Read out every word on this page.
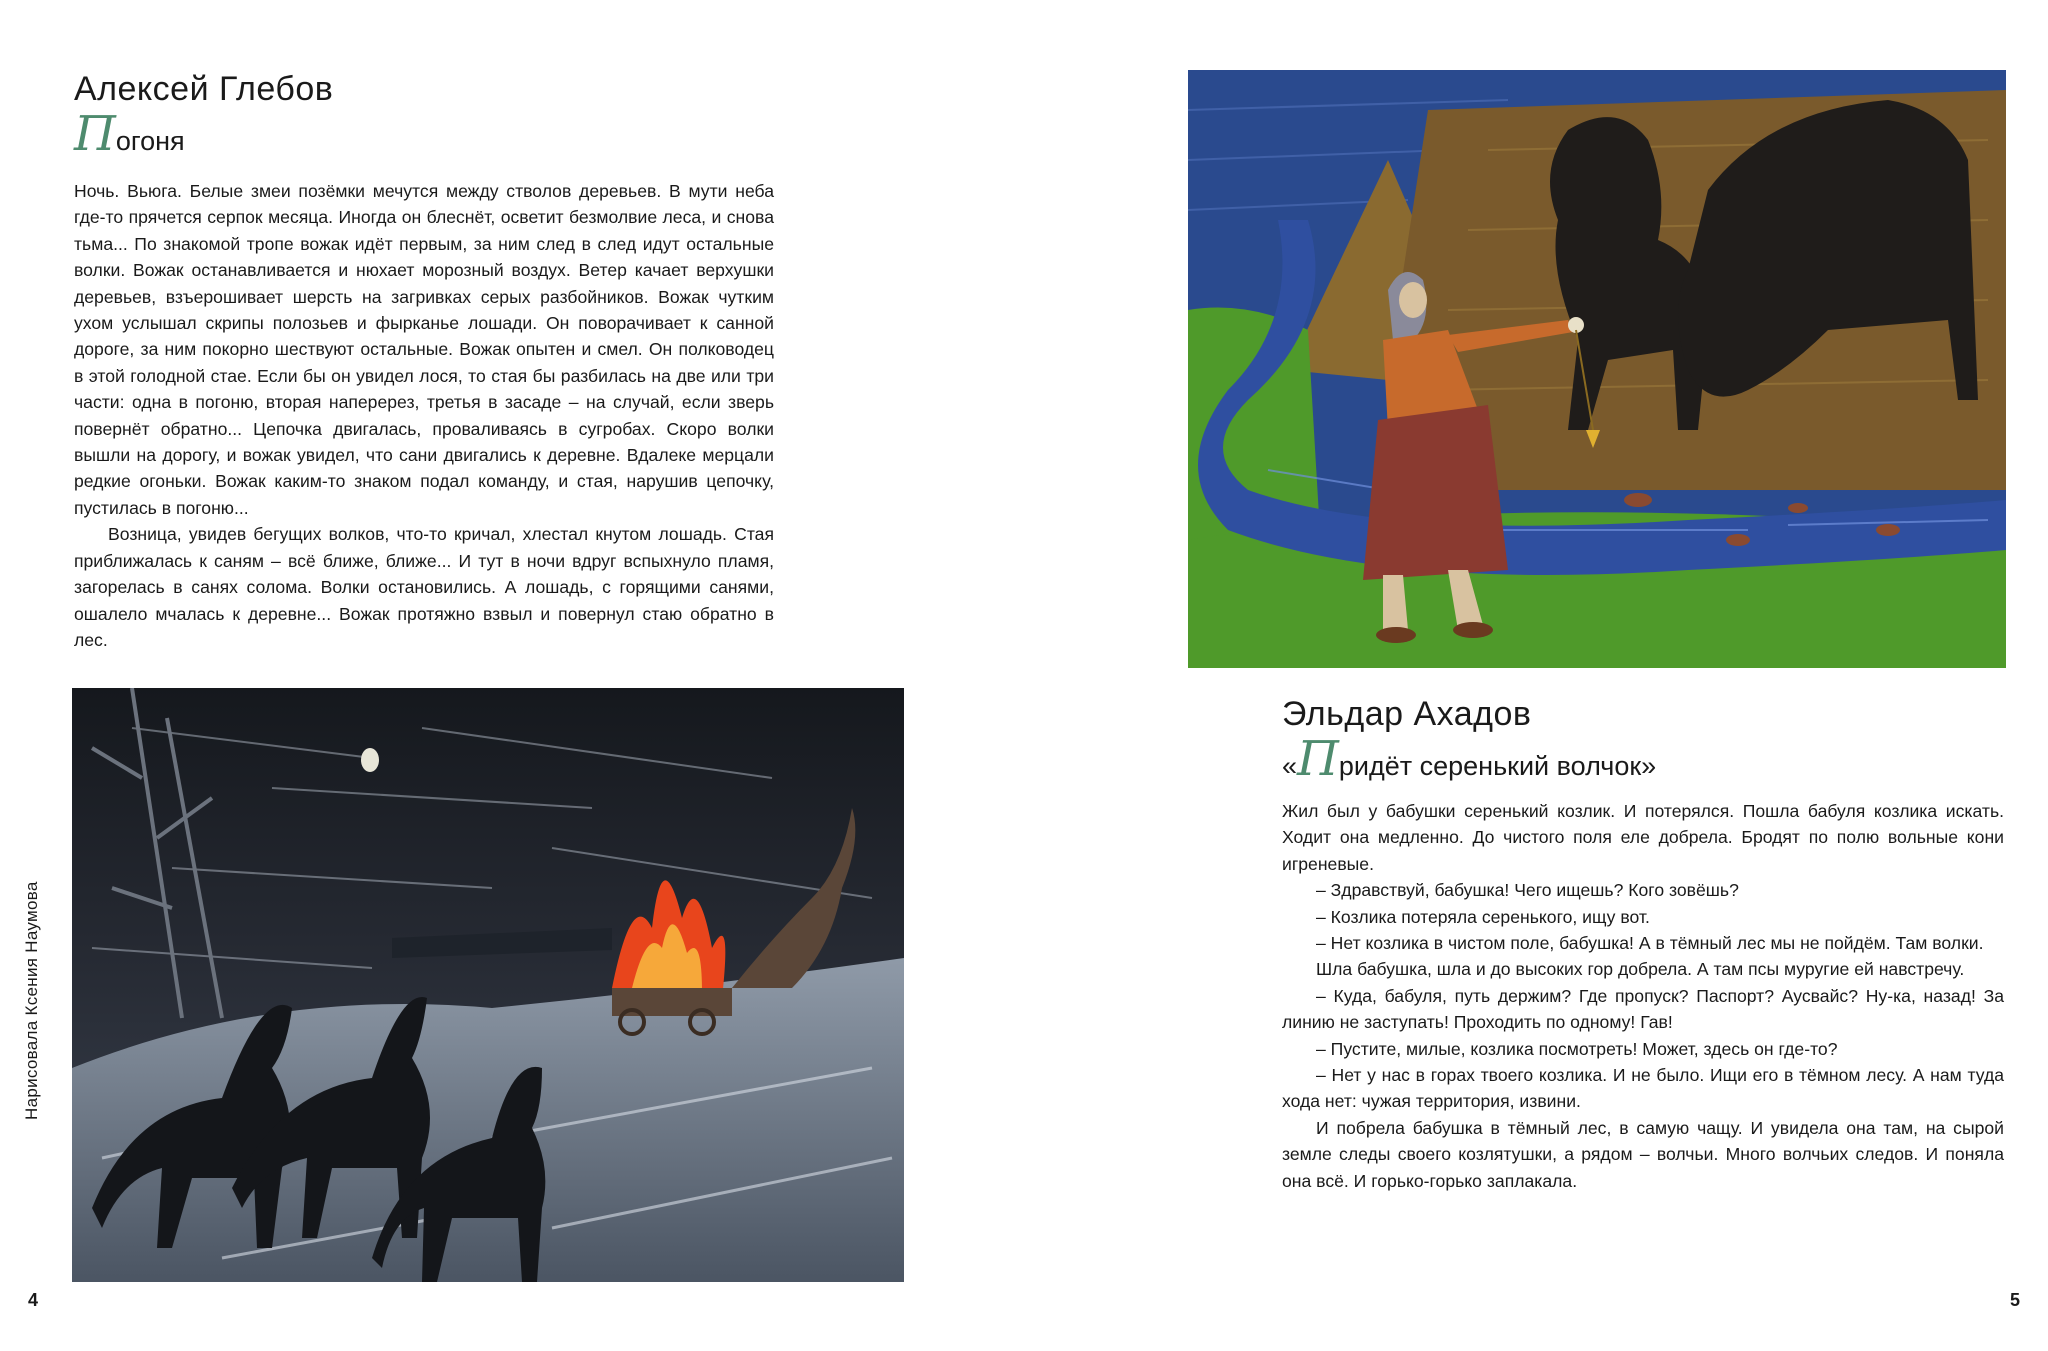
Алексей Глебов
Погоня

Ночь. Вьюга. Белые змеи позёмки мечутся между стволов деревьев. В мути неба где-то прячется серпок месяца. Иногда он блеснёт, осветит безмолвие леса, и снова тьма... По знакомой тропе вожак идёт первым, за ним след в след идут остальные волки. Вожак останавливается и нюхает морозный воздух. Ветер качает верхушки деревьев, взъерошивает шерсть на загривках серых разбойников. Вожак чутким ухом услышал скрипы полозьев и фырканье лошади. Он поворачивает к санной дороге, за ним покорно шествуют остальные. Вожак опытен и смел. Он полководец в этой голодной стае. Если бы он увидел лося, то стая бы разбилась на две или три части: одна в погоню, вторая наперерез, третья в засаде – на случай, если зверь повернёт обратно... Цепочка двигалась, проваливаясь в сугробах. Скоро волки вышли на дорогу, и вожак увидел, что сани двигались к деревне. Вдалеке мерцали редкие огоньки. Вожак каким-то знаком подал команду, и стая, нарушив цепочку, пустилась в погоню...

Возница, увидев бегущих волков, что-то кричал, хлестал кнутом лошадь. Стая приближалась к саням – всё ближе, ближе... И тут в ночи вдруг вспыхнуло пламя, загорелась в санях солома. Волки остановились. А лошадь, с горящими санями, ошалело мчалась к деревне... Вожак протяжно взвыл и повернул стаю обратно в лес.

Нарисовала Ксения Наумова
4
Эльдар Ахадов
«Придёт серенький волчок»

Жил был у бабушки серенький козлик. И потерялся. Пошла бабуля козлика искать. Ходит она медленно. До чистого поля еле добрела. Бродят по полю вольные кони игреневые.

– Здравствуй, бабушка! Чего ищешь? Кого зовёшь?

– Козлика потеряла серенького, ищу вот.

– Нет козлика в чистом поле, бабушка! А в тёмный лес мы не пойдём. Там волки.

Шла бабушка, шла и до высоких гор добрела. А там псы муругие ей навстречу.

– Куда, бабуля, путь держим? Где пропуск? Паспорт? Аусвайс? Ну-ка, назад! За линию не заступать! Проходить по одному! Гав!

– Пустите, милые, козлика посмотреть! Может, здесь он где-то?

– Нет у нас в горах твоего козлика. И не было. Ищи его в тёмном лесу. А нам туда хода нет: чужая территория, извини.

И побрела бабушка в тёмный лес, в самую чащу. И увидела она там, на сырой земле следы своего козлятушки, а рядом – волчьи. Много волчьих следов. И поняла она всё. И горько-горько заплакала.

5
